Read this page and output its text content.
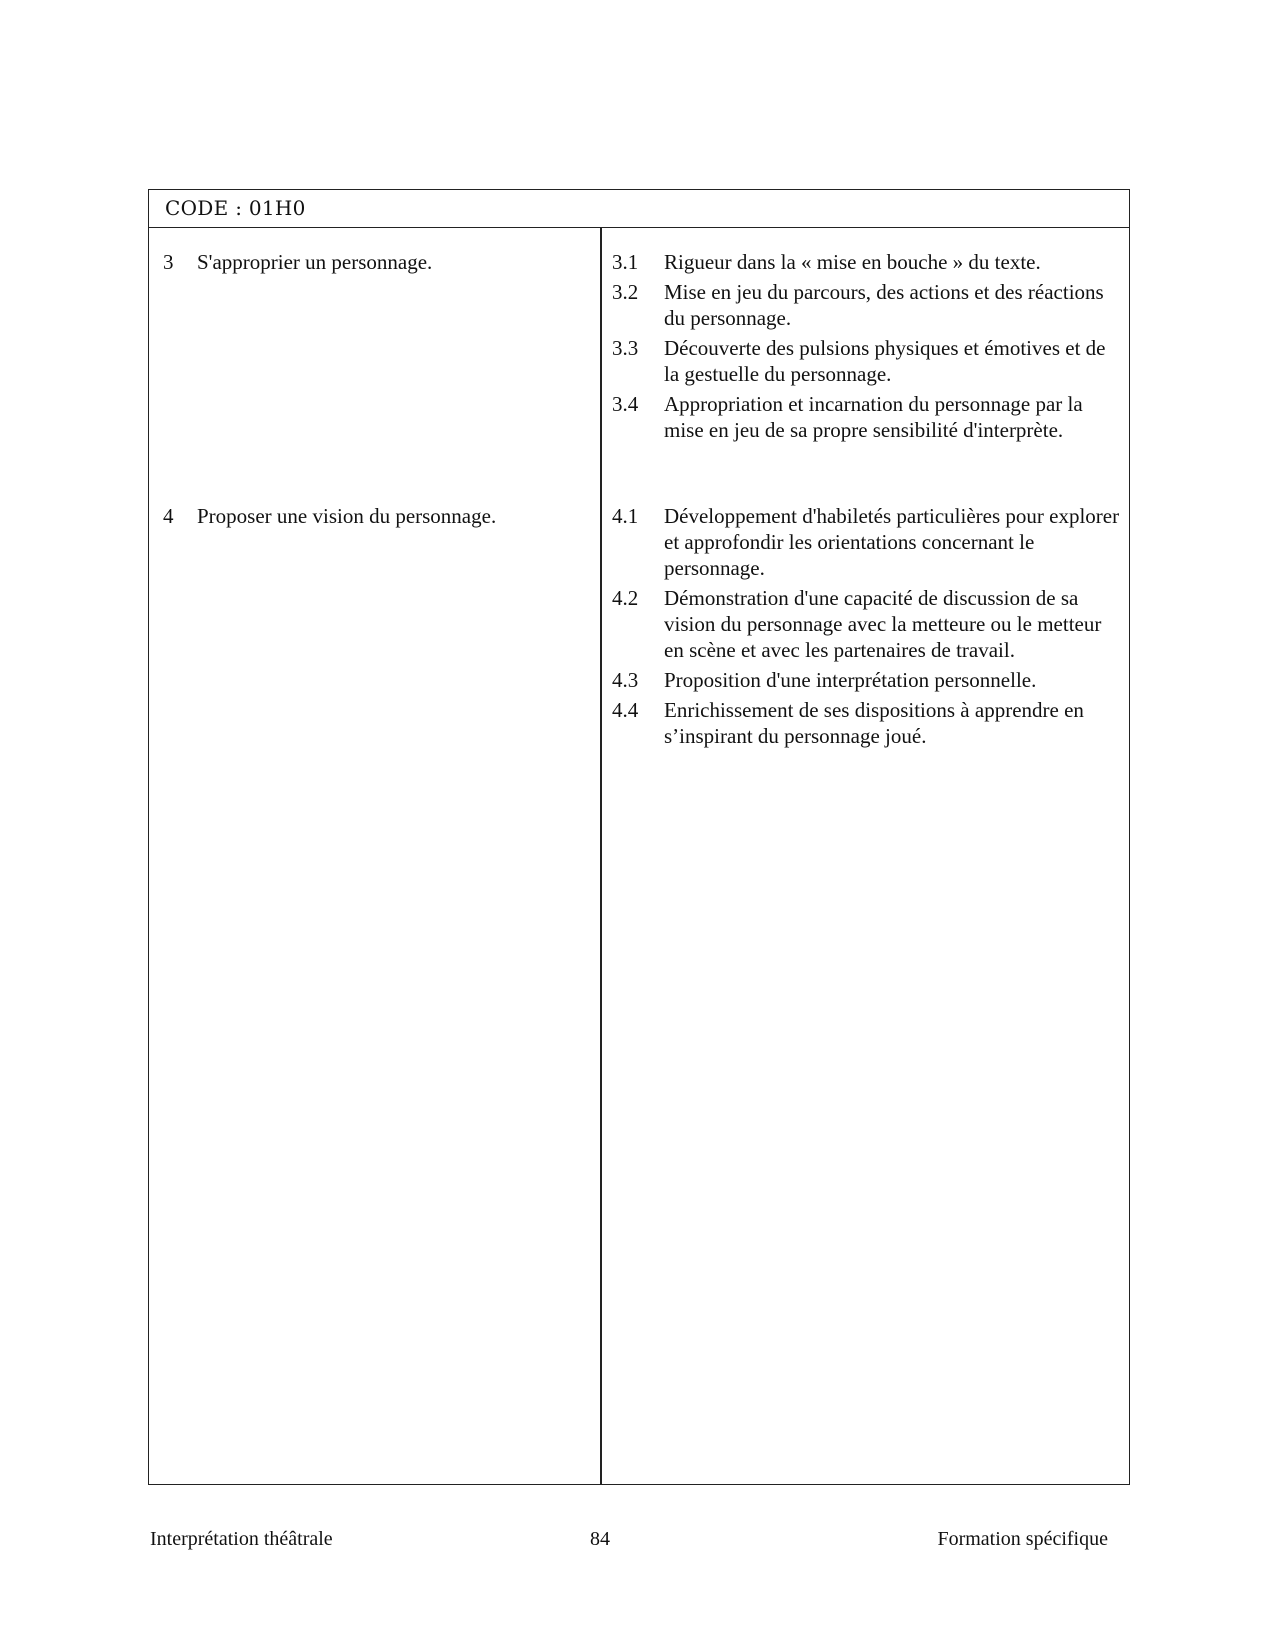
CODE : 01H0
3 S'approprier un personnage.	3.1	Rigueur dans la « mise en bouche » du texte.
3.2	Mise en jeu du parcours, des actions et des réactions du personnage.
3.3	Découverte des pulsions physiques et émotives et de la gestuelle du personnage.
3.4	Appropriation et incarnation du personnage par la mise en jeu de sa propre sensibilité d'interprète.
4 Proposer une vision du personnage.	4.1	Développement d'habiletés particulières pour explorer et approfondir les orientations concernant le personnage.
4.2	Démonstration d'une capacité de discussion de sa vision du personnage avec la metteure ou le metteur en scène et avec les partenaires de travail.
4.3	Proposition d'une interprétation personnelle.
4.4	Enrichissement de ses dispositions à apprendre en s’inspirant du personnage joué.
Interprétation théâtrale	84	Formation spécifique
